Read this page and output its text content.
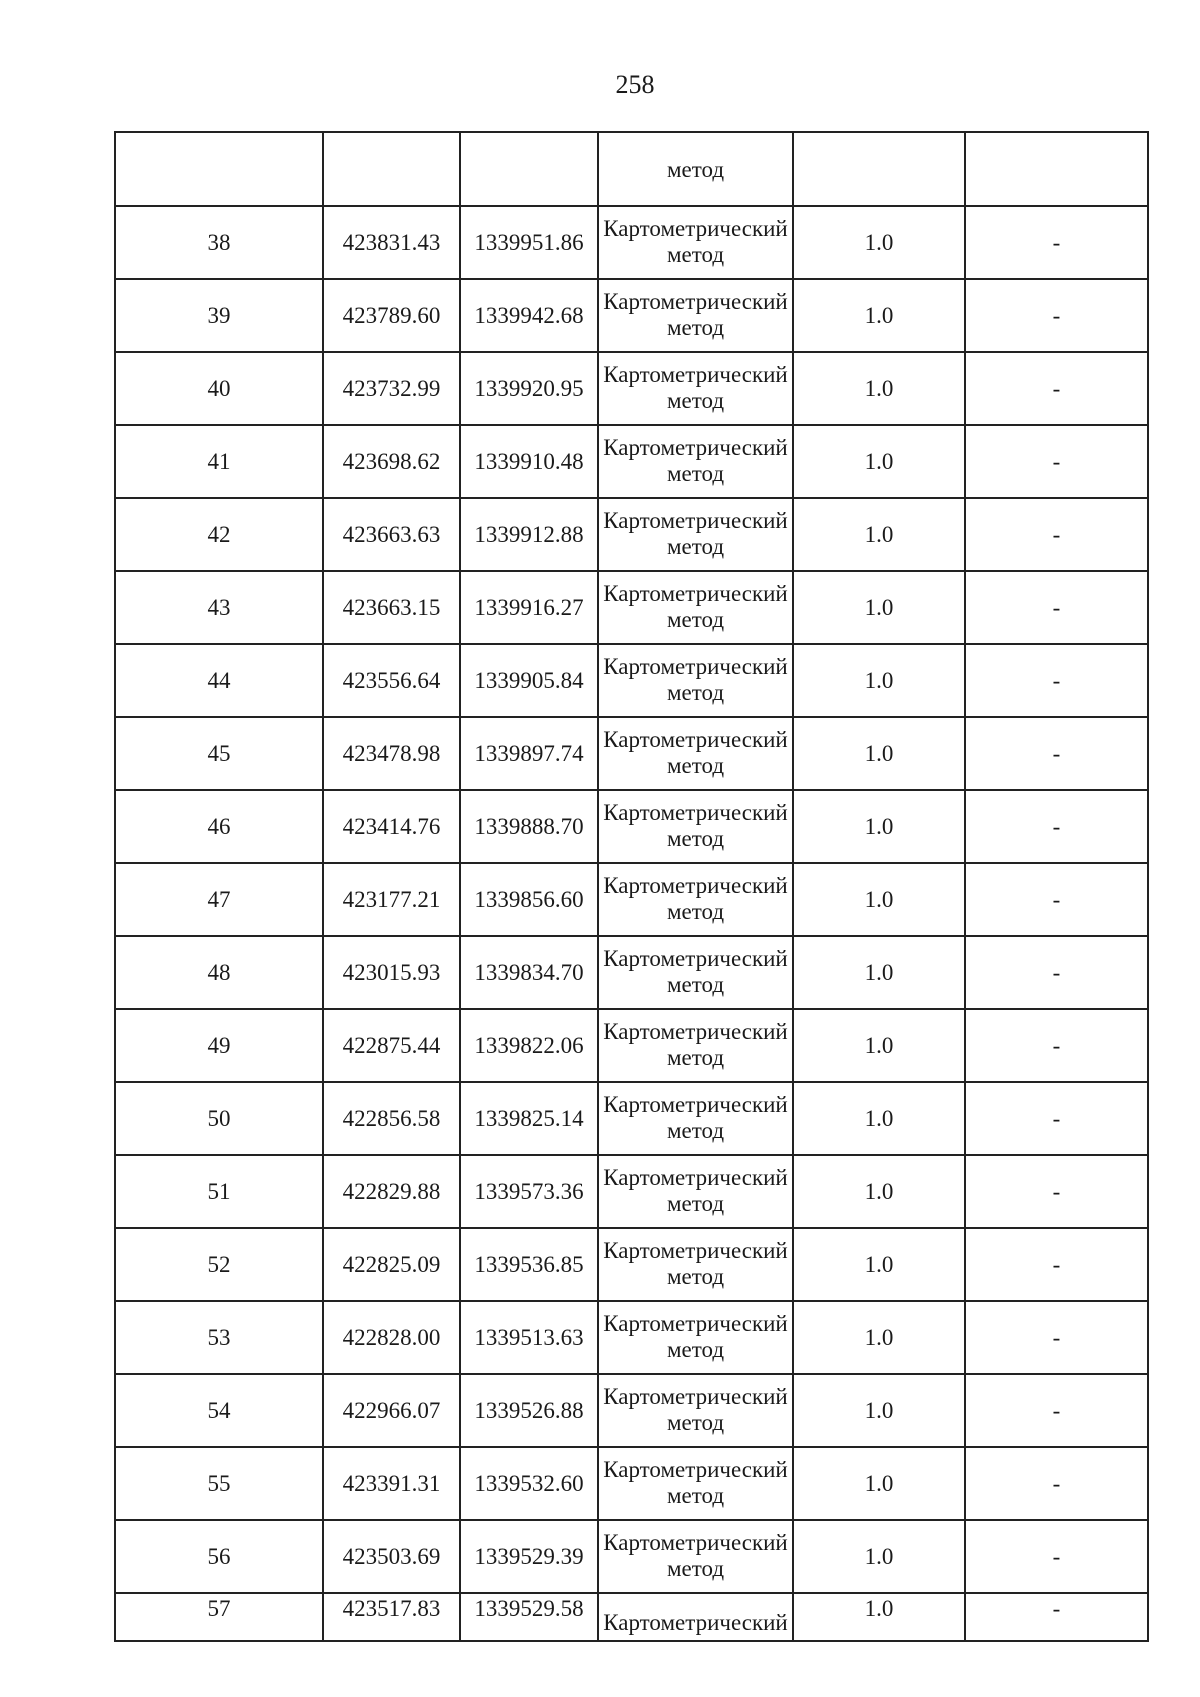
258
			метод		
38	423831.43	1339951.86	Картометрический
метод	1.0	-
39	423789.60	1339942.68	Картометрический
метод	1.0	-
40	423732.99	1339920.95	Картометрический
метод	1.0	-
41	423698.62	1339910.48	Картометрический
метод	1.0	-
42	423663.63	1339912.88	Картометрический
метод	1.0	-
43	423663.15	1339916.27	Картометрический
метод	1.0	-
44	423556.64	1339905.84	Картометрический
метод	1.0	-
45	423478.98	1339897.74	Картометрический
метод	1.0	-
46	423414.76	1339888.70	Картометрический
метод	1.0	-
47	423177.21	1339856.60	Картометрический
метод	1.0	-
48	423015.93	1339834.70	Картометрический
метод	1.0	-
49	422875.44	1339822.06	Картометрический
метод	1.0	-
50	422856.58	1339825.14	Картометрический
метод	1.0	-
51	422829.88	1339573.36	Картометрический
метод	1.0	-
52	422825.09	1339536.85	Картометрический
метод	1.0	-
53	422828.00	1339513.63	Картометрический
метод	1.0	-
54	422966.07	1339526.88	Картометрический
метод	1.0	-
55	423391.31	1339532.60	Картометрический
метод	1.0	-
56	423503.69	1339529.39	Картометрический
метод	1.0	-
57	423517.83	1339529.58	Картометрический	1.0	-
